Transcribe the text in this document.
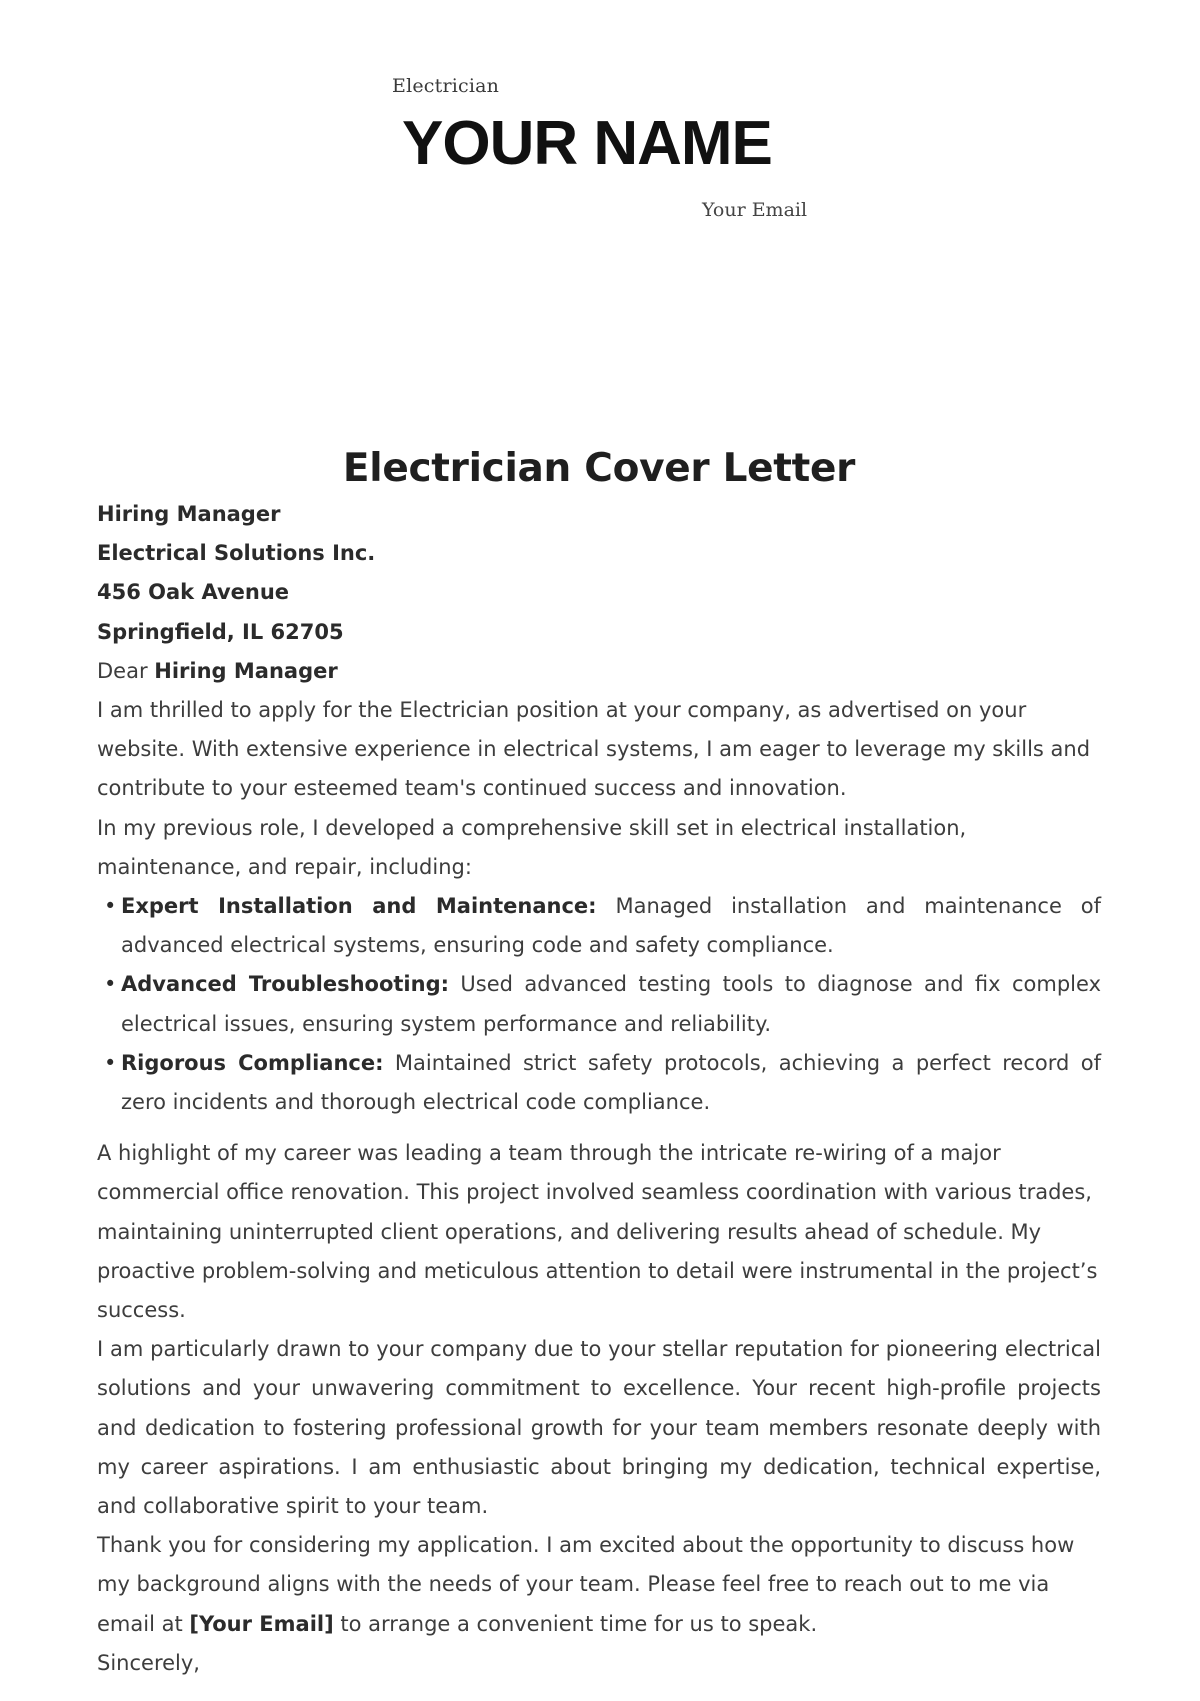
Electrician
YOUR NAME
Your Email
Electrician Cover Letter

Hiring Manager

Electrical Solutions Inc.

456 Oak Avenue

Springfield, IL 62705

Dear Hiring Manager

I am thrilled to apply for the Electrician position at your company, as advertised on your website. With extensive experience in electrical systems, I am eager to leverage my skills and contribute to your esteemed team's continued success and innovation.

In my previous role, I developed a comprehensive skill set in electrical installation, maintenance, and repair, including:

• Expert Installation and Maintenance: Managed installation and maintenance of advanced electrical systems, ensuring code and safety compliance.
• Advanced Troubleshooting: Used advanced testing tools to diagnose and fix complex electrical issues, ensuring system performance and reliability.
• Rigorous Compliance: Maintained strict safety protocols, achieving a perfect record of zero incidents and thorough electrical code compliance.

A highlight of my career was leading a team through the intricate re-wiring of a major commercial office renovation. This project involved seamless coordination with various trades, maintaining uninterrupted client operations, and delivering results ahead of schedule. My proactive problem-solving and meticulous attention to detail were instrumental in the project’s success.

I am particularly drawn to your company due to your stellar reputation for pioneering electrical solutions and your unwavering commitment to excellence. Your recent high-profile projects and dedication to fostering professional growth for your team members resonate deeply with my career aspirations. I am enthusiastic about bringing my dedication, technical expertise, and collaborative spirit to your team.

Thank you for considering my application. I am excited about the opportunity to discuss how my background aligns with the needs of your team. Please feel free to reach out to me via email at [Your Email] to arrange a convenient time for us to speak.

Sincerely,
